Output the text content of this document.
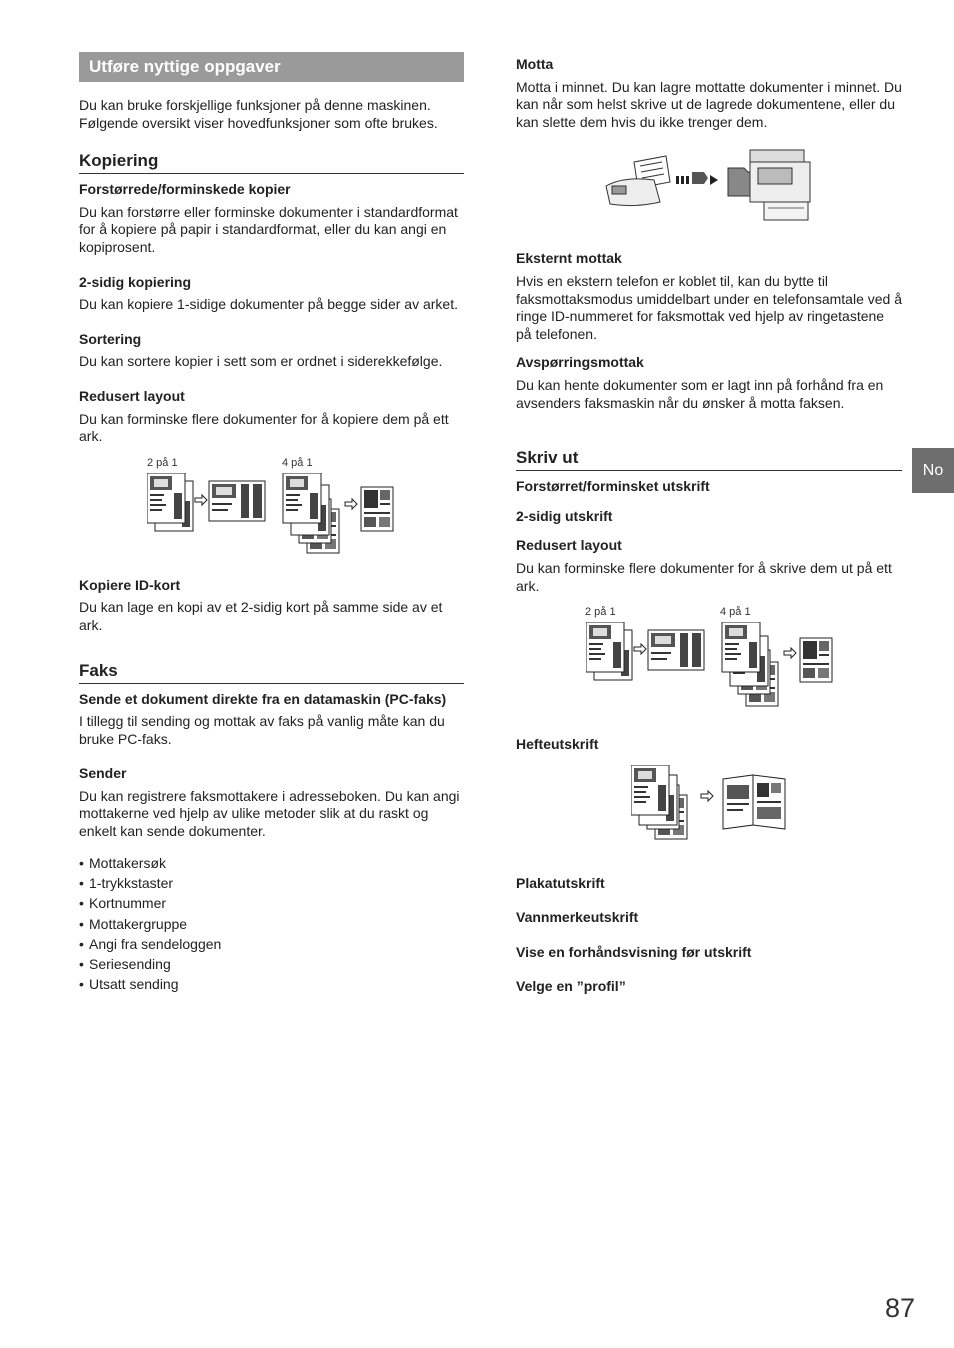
Utføre nyttige oppgaver

Du kan bruke forskjellige funksjoner på denne maskinen. Følgende oversikt viser hovedfunksjoner som ofte brukes.

Kopiering
Forstørrede/forminskede kopier

Du kan forstørre eller forminske dokumenter i standardformat for å kopiere på papir i standardformat, eller du kan angi en kopiprosent.

2-sidig kopiering

Du kan kopiere 1-sidige dokumenter på begge sider av arket.

Sortering

Du kan sortere kopier i sett som er ordnet i siderekkefølge.

Redusert layout

Du kan forminske flere dokumenter for å kopiere dem på ett ark.

2 på 1	4 på 1
Kopiere ID-kort

Du kan lage en kopi av et 2-sidig kort på samme side av et ark.

Faks
Sende et dokument direkte fra en datamaskin (PC-faks)

I tillegg til sending og mottak av faks på vanlig måte kan du bruke PC-faks.

Sender

Du kan registrere faksmottakere i adresseboken. Du kan angi mottakerne ved hjelp av ulike metoder slik at du raskt og enkelt kan sende dokumenter.

• Mottakersøk
• 1-trykkstaster
• Kortnummer
• Mottakergruppe
• Angi fra sendeloggen
• Seriesending
• Utsatt sending
Motta

Motta i minnet. Du kan lagre mottatte dokumenter i minnet. Du kan når som helst skrive ut de lagrede dokumentene, eller du kan slette dem hvis du ikke trenger dem.

Eksternt mottak

Hvis en ekstern telefon er koblet til, kan du bytte til faksmottaksmodus umiddelbart under en telefonsamtale ved å ringe ID-nummeret for faksmottak ved hjelp av ringetastene på telefonen.

Avspørringsmottak

Du kan hente dokumenter som er lagt inn på forhånd fra en avsenders faksmaskin når du ønsker å motta faksen.

Skriv ut
Forstørret/forminsket utskrift
2-sidig utskrift
Redusert layout

Du kan forminske flere dokumenter for å skrive dem ut på ett ark.

2 på 1	4 på 1
Hefteutskrift
Plakatutskrift
Vannmerkeutskrift
Vise en forhåndsvisning før utskrift
Velge en ”profil”
No
87
